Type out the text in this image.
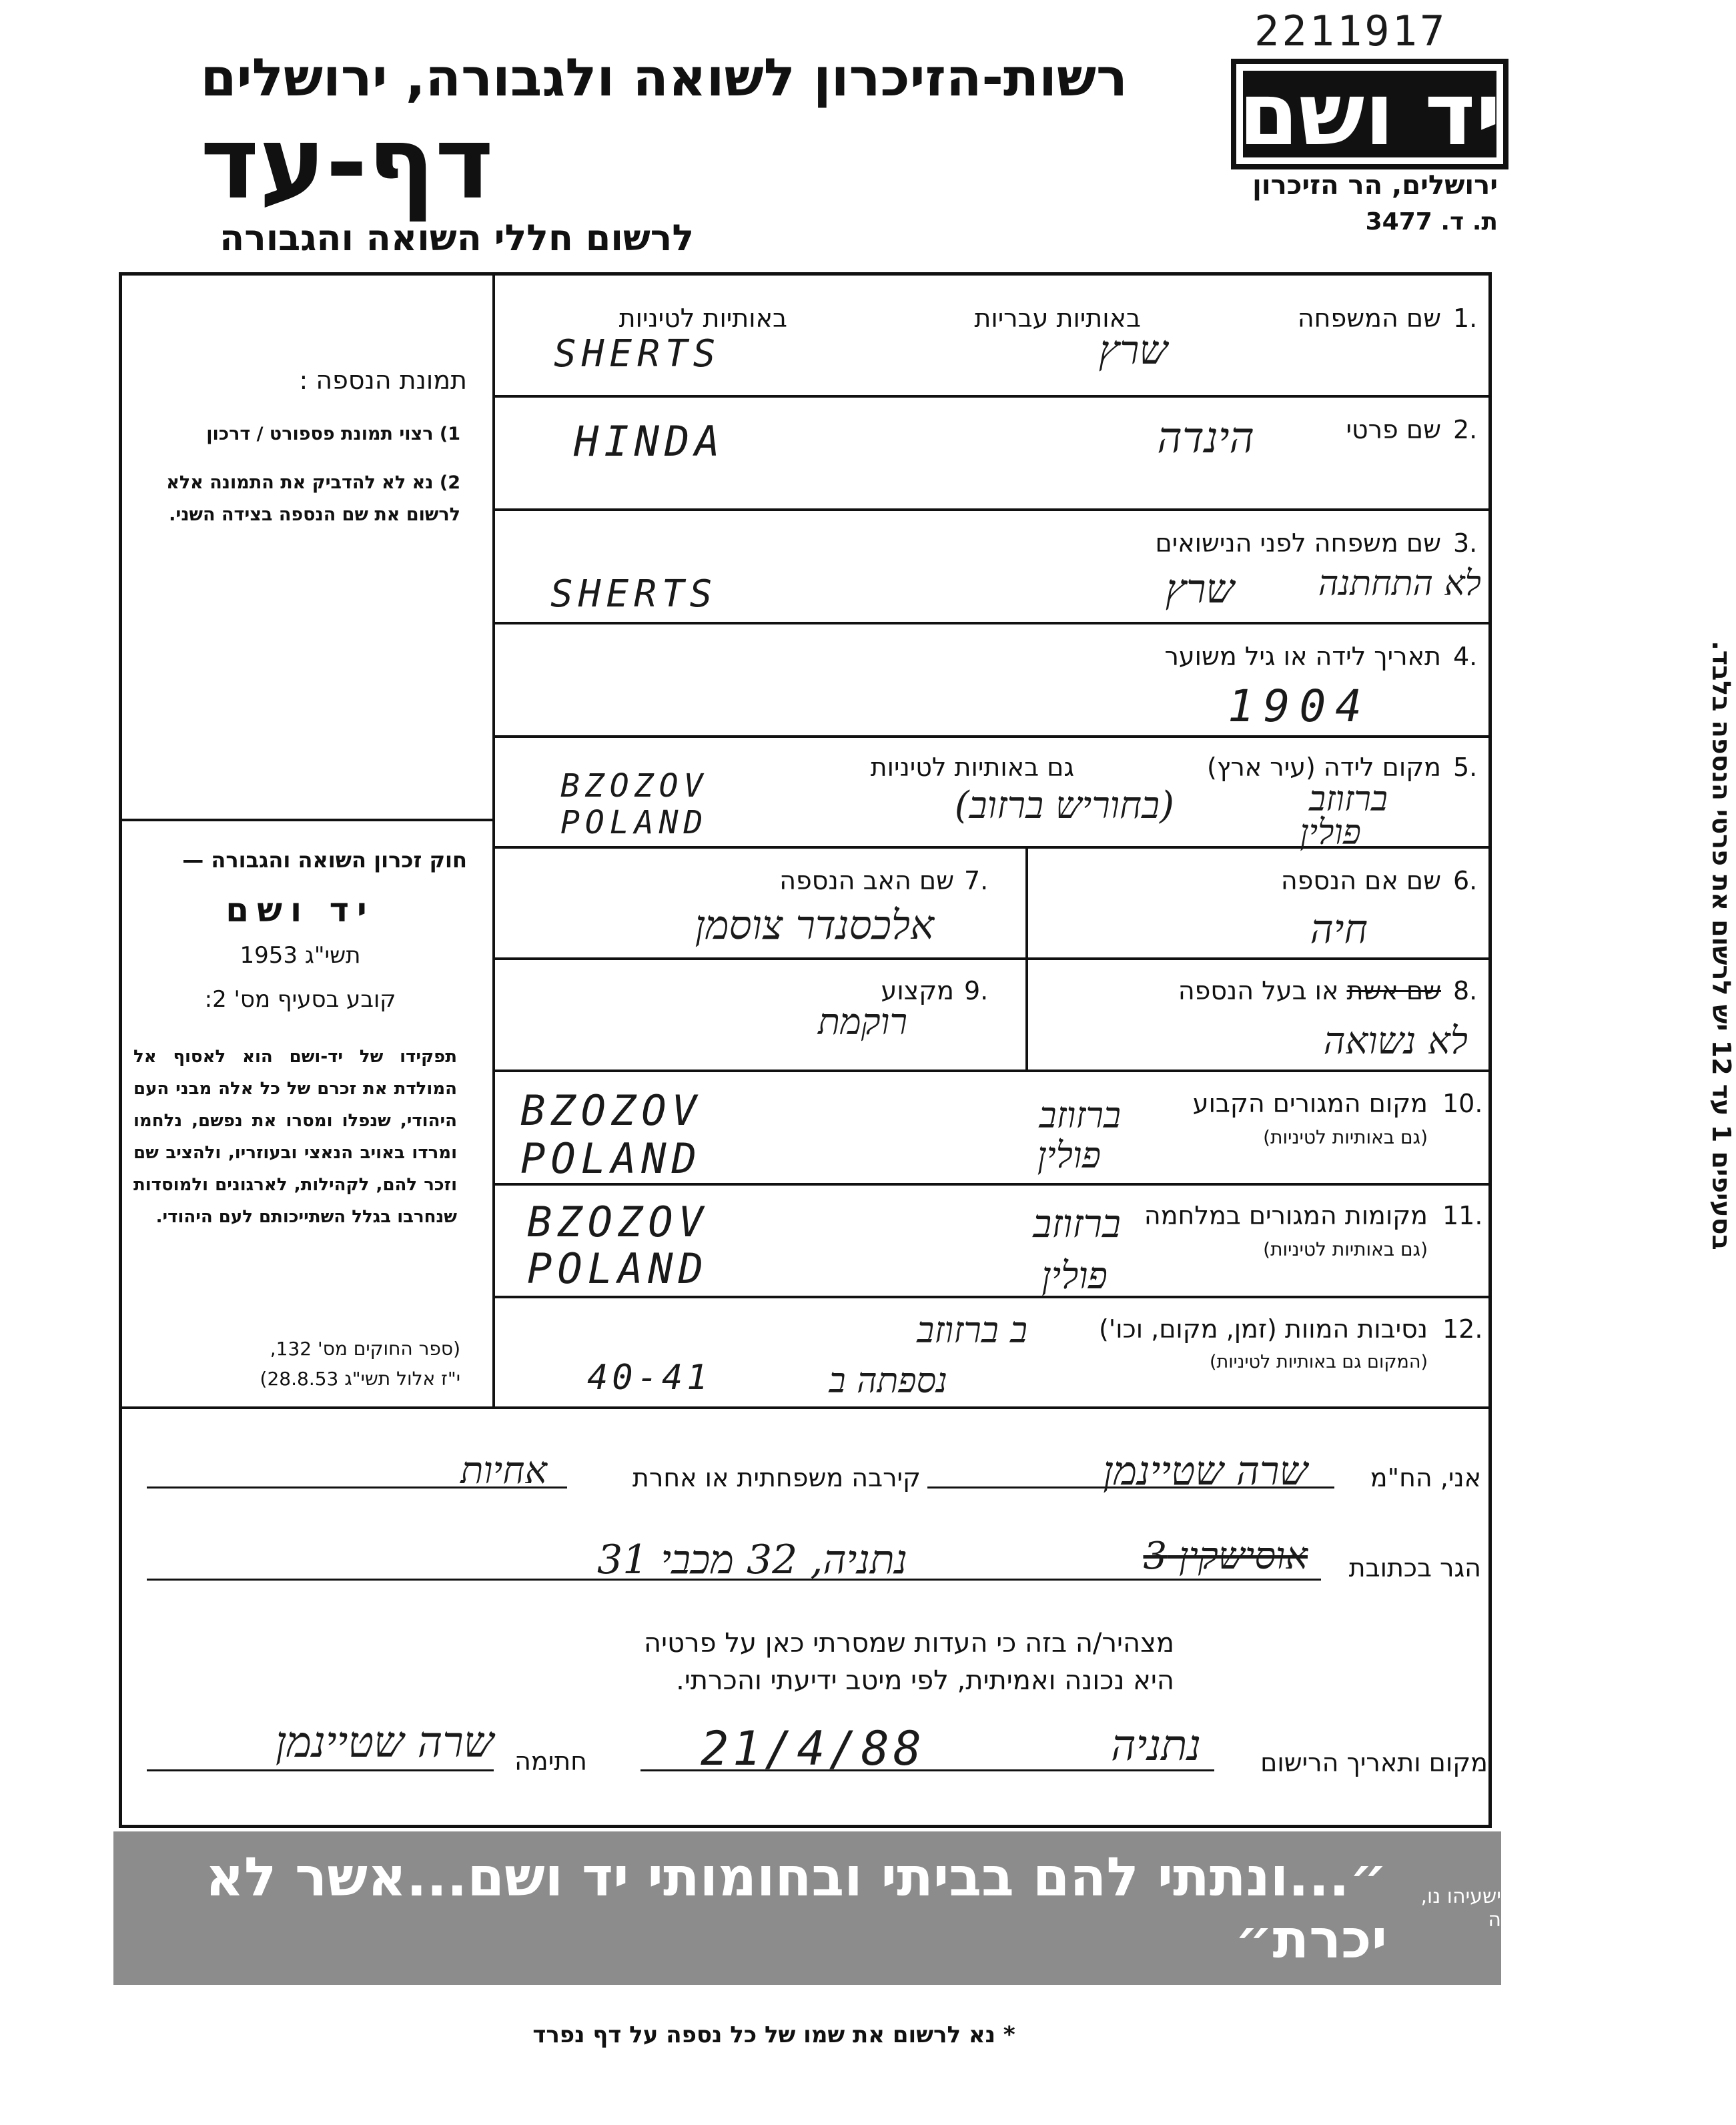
2211917
יד ושם
ירושלים, הר הזיכרון
ת. ד. 3477
רשות-הזיכרון לשואה ולגבורה, ירושלים
דף-עד
לרשום חללי השואה והגבורה
תמונת הנספה :
1) רצוי תמונת פספורט / דרכון
2) נא לא להדביק את התמונה אלא לרשום את שם הנספה בצידה השני.
חוק זכרון השואה והגבורה —
יד ושם
תשי"ג 1953
קובע בסעיף מס' 2:
תפקידו של יד-ושם הוא לאסוף אל המולדת את זכרם של כל אלה מבני העם היהודי, שנפלו ומסרו את נפשם, נלחמו ומרדו באויב הנאצי ובעוזריו, ולהציב שם וזכר להם, לקהילות, לארגונים ולמוסדות שנחרבו בגלל השתייכותם לעם היהודי.
(ספר החוקים מס' 132,
י"ז אלול תשי"ג 28.8.53)
בסעיפים 1 עד 12 יש לרשום את פרטי הנספה בלבד.
1.
שם המשפחה
באותיות עבריות
באותיות לטיניות
שרץ
SHERTS
2.
שם פרטי
הינדה
HINDA
3.
שם משפחה לפני הנישואים
לא התחתנה
שרץ
SHERTS
4.
תאריך לידה או גיל משוער
1904
5.
מקום לידה (עיר ארץ)
גם באותיות לטיניות
ברזוזב
פולין
(בחוריש ברזוב)
BZOZOV
POLAND
6.
שם אם הנספה
חיה
7.
שם האב הנספה
אלכסנדר צוסמן
8.
שם אשת או בעל הנספה
לא נשואה
9.
מקצוע
רוקמת
10.
מקום המגורים הקבוע
(גם באותיות לטיניות)
ברזוזב
פולין
BZOZOV
POLAND
11.
מקומות המגורים במלחמה
(גם באותיות לטיניות)
ברזוזב
פולין
BZOZOV
POLAND
12.
נסיבות המוות (זמן, מקום, וכו')
(המקום גם באותיות לטיניות)
ב ברזוזב
נספתה ב
40-41
אני, הח"מ
שרה שטיינמן
קירבה משפחתית או אחרת
אחיות
הגר בכתובת
אוסישקין 3
נתניה, 32 מכבי 31
מצהיר/ה בזה כי העדות שמסרתי כאן על פרטיה
היא נכונה ואמיתית, לפי מיטב ידיעתי והכרתי.
מקום ותאריך הרישום
נתניה
21/4/88
חתימה
שרה שטיינמן
ישעיהו נו, ה
״...ונתתי להם בביתי ובחומותי יד ושם...אשר לא יכרת״
* נא לרשום את שמו של כל נספה על דף נפרד
